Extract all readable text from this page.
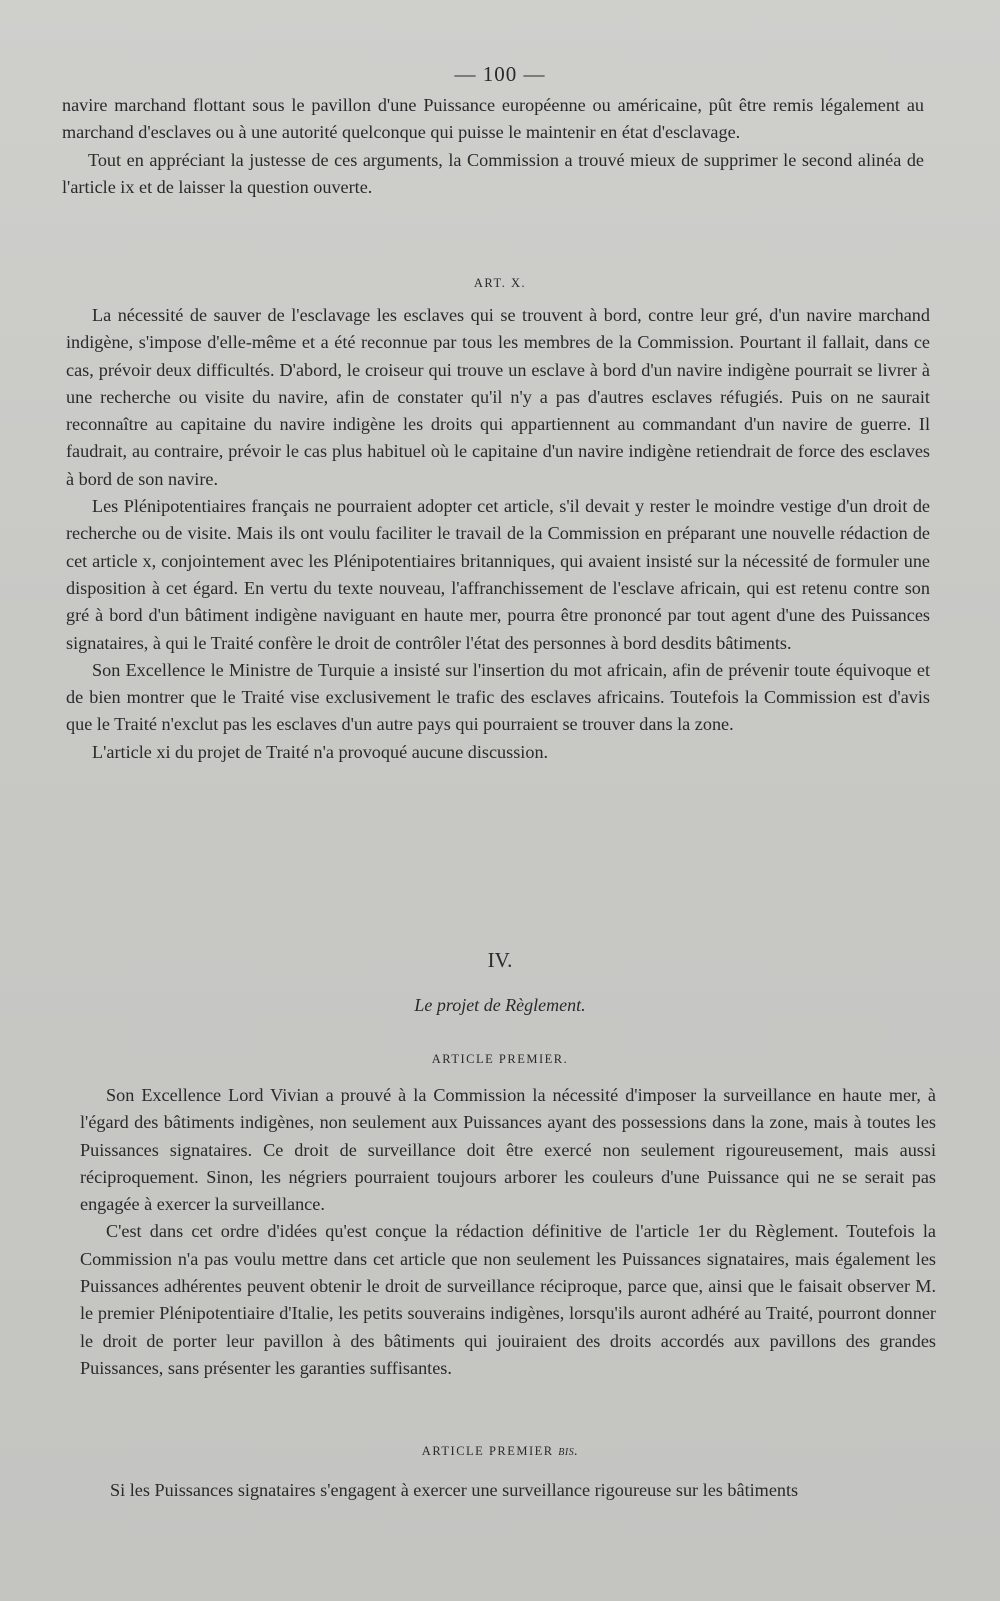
— 100 —

navire marchand flottant sous le pavillon d'une Puissance européenne ou américaine, pût être remis légalement au marchand d'esclaves ou à une autorité quelconque qui puisse le maintenir en état d'esclavage.

Tout en appréciant la justesse de ces arguments, la Commission a trouvé mieux de supprimer le second alinéa de l'article ix et de laisser la question ouverte.

ART. X.

La nécessité de sauver de l'esclavage les esclaves qui se trouvent à bord, contre leur gré, d'un navire marchand indigène, s'impose d'elle-même et a été reconnue par tous les membres de la Commission. Pourtant il fallait, dans ce cas, prévoir deux difficultés. D'abord, le croiseur qui trouve un esclave à bord d'un navire indigène pourrait se livrer à une recherche ou visite du navire, afin de constater qu'il n'y a pas d'autres esclaves réfugiés. Puis on ne saurait reconnaître au capitaine du navire indigène les droits qui appartiennent au commandant d'un navire de guerre. Il faudrait, au contraire, prévoir le cas plus habituel où le capitaine d'un navire indigène retiendrait de force des esclaves à bord de son navire.

Les Plénipotentiaires français ne pourraient adopter cet article, s'il devait y rester le moindre vestige d'un droit de recherche ou de visite. Mais ils ont voulu faciliter le travail de la Commission en préparant une nouvelle rédaction de cet article x, conjointement avec les Plénipotentiaires britanniques, qui avaient insisté sur la nécessité de formuler une disposition à cet égard. En vertu du texte nouveau, l'affranchissement de l'esclave africain, qui est retenu contre son gré à bord d'un bâtiment indigène naviguant en haute mer, pourra être prononcé par tout agent d'une des Puissances signataires, à qui le Traité confère le droit de contrôler l'état des personnes à bord desdits bâtiments.

Son Excellence le Ministre de Turquie a insisté sur l'insertion du mot africain, afin de prévenir toute équivoque et de bien montrer que le Traité vise exclusivement le trafic des esclaves africains. Toutefois la Commission est d'avis que le Traité n'exclut pas les esclaves d'un autre pays qui pourraient se trouver dans la zone.

L'article xi du projet de Traité n'a provoqué aucune discussion.

IV.
Le projet de Règlement.
ARTICLE PREMIER.

Son Excellence Lord Vivian a prouvé à la Commission la nécessité d'imposer la surveillance en haute mer, à l'égard des bâtiments indigènes, non seulement aux Puissances ayant des possessions dans la zone, mais à toutes les Puissances signataires. Ce droit de surveillance doit être exercé non seulement rigoureusement, mais aussi réciproquement. Sinon, les négriers pourraient toujours arborer les couleurs d'une Puissance qui ne se serait pas engagée à exercer la surveillance.

C'est dans cet ordre d'idées qu'est conçue la rédaction définitive de l'article 1er du Règlement. Toutefois la Commission n'a pas voulu mettre dans cet article que non seulement les Puissances signataires, mais également les Puissances adhérentes peuvent obtenir le droit de surveillance réciproque, parce que, ainsi que le faisait observer M. le premier Plénipotentiaire d'Italie, les petits souverains indigènes, lorsqu'ils auront adhéré au Traité, pourront donner le droit de porter leur pavillon à des bâtiments qui jouiraient des droits accordés aux pavillons des grandes Puissances, sans présenter les garanties suffisantes.

ARTICLE PREMIER bis.

Si les Puissances signataires s'engagent à exercer une surveillance rigoureuse sur les bâtiments
